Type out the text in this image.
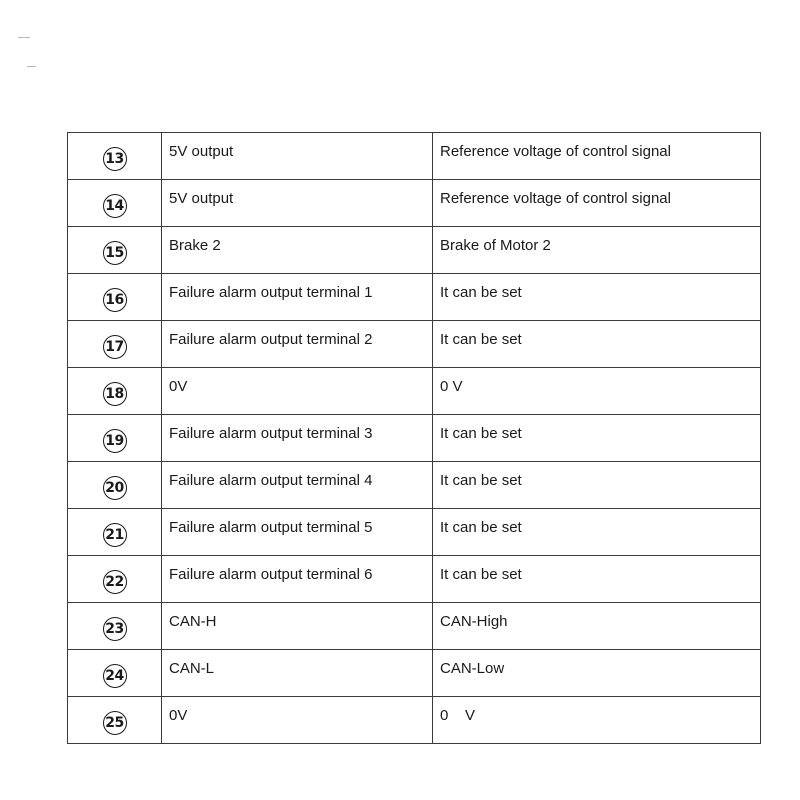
13	5V output	Reference voltage of control signal

14	5V output	Reference voltage of control signal

15	Brake 2	Brake of Motor 2

16	Failure alarm output terminal 1	It can be set

17	Failure alarm output terminal 2	It can be set

18	0V	0 V

19	Failure alarm output terminal 3	It can be set

20	Failure alarm output terminal 4	It can be set

21	Failure alarm output terminal 5	It can be set

22	Failure alarm output terminal 6	It can be set

23	CAN-H	CAN-High

24	CAN-L	CAN-Low

25	0V	0    V
